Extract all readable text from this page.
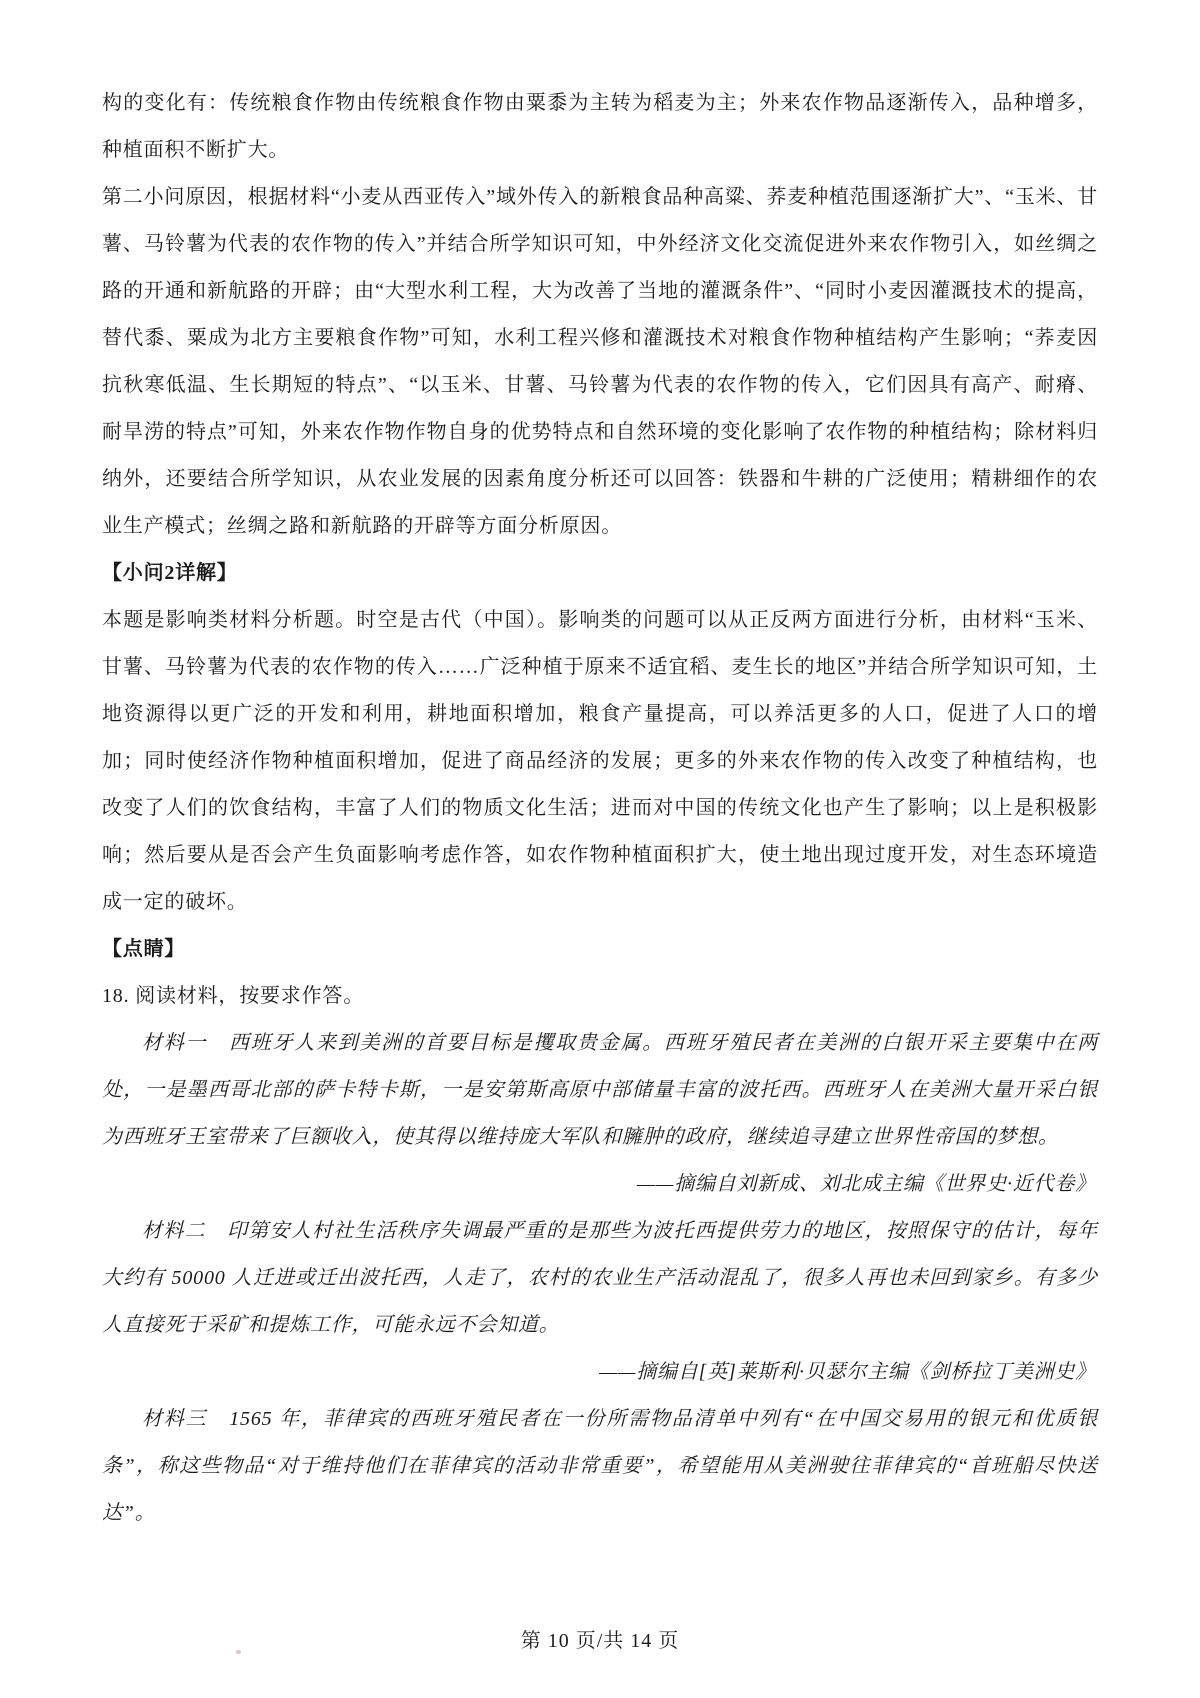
构的变化有：传统粮食作物由传统粮食作物由粟黍为主转为稻麦为主；外来农作物品逐渐传入，品种增多，种植面积不断扩大。

第二小问原因，根据材料“小麦从西亚传入”域外传入的新粮食品种高粱、荞麦种植范围逐渐扩大”、“玉米、甘薯、马铃薯为代表的农作物的传入”并结合所学知识可知，中外经济文化交流促进外来农作物引入，如丝绸之路的开通和新航路的开辟；由“大型水利工程，大为改善了当地的灌溉条件”、“同时小麦因灌溉技术的提高，替代黍、粟成为北方主要粮食作物”可知，水利工程兴修和灌溉技术对粮食作物种植结构产生影响；“荞麦因抗秋寒低温、生长期短的特点”、“以玉米、甘薯、马铃薯为代表的农作物的传入，它们因具有高产、耐瘠、耐旱涝的特点”可知，外来农作物作物自身的优势特点和自然环境的变化影响了农作物的种植结构；除材料归纳外，还要结合所学知识，从农业发展的因素角度分析还可以回答：铁器和牛耕的广泛使用；精耕细作的农业生产模式；丝绸之路和新航路的开辟等方面分析原因。

【小问2详解】

本题是影响类材料分析题。时空是古代（中国）。影响类的问题可以从正反两方面进行分析，由材料“玉米、甘薯、马铃薯为代表的农作物的传入……广泛种植于原来不适宜稻、麦生长的地区”并结合所学知识可知，土地资源得以更广泛的开发和利用，耕地面积增加，粮食产量提高，可以养活更多的人口，促进了人口的增加；同时使经济作物种植面积增加，促进了商品经济的发展；更多的外来农作物的传入改变了种植结构，也改变了人们的饮食结构，丰富了人们的物质文化生活；进而对中国的传统文化也产生了影响；以上是积极影响；然后要从是否会产生负面影响考虑作答，如农作物种植面积扩大，使土地出现过度开发，对生态环境造成一定的破坏。

【点睛】

18. 阅读材料，按要求作答。

材料一　西班牙人来到美洲的首要目标是攫取贵金属。西班牙殖民者在美洲的白银开采主要集中在两处，一是墨西哥北部的萨卡特卡斯，一是安第斯高原中部储量丰富的波托西。西班牙人在美洲大量开采白银为西班牙王室带来了巨额收入，使其得以维持庞大军队和臃肿的政府，继续追寻建立世界性帝国的梦想。

——摘编自刘新成、刘北成主编《世界史·近代卷》

材料二　印第安人村社生活秩序失调最严重的是那些为波托西提供劳力的地区，按照保守的估计，每年大约有 50000 人迁进或迁出波托西，人走了，农村的农业生产活动混乱了，很多人再也未回到家乡。有多少人直接死于采矿和提炼工作，可能永远不会知道。

——摘编自[英]莱斯利·贝瑟尔主编《剑桥拉丁美洲史》

材料三　1565 年，菲律宾的西班牙殖民者在一份所需物品清单中列有“在中国交易用的银元和优质银条”，称这些物品“对于维持他们在菲律宾的活动非常重要”，希望能用从美洲驶往菲律宾的“首班船尽快送达”。

第 10 页/共 14 页
